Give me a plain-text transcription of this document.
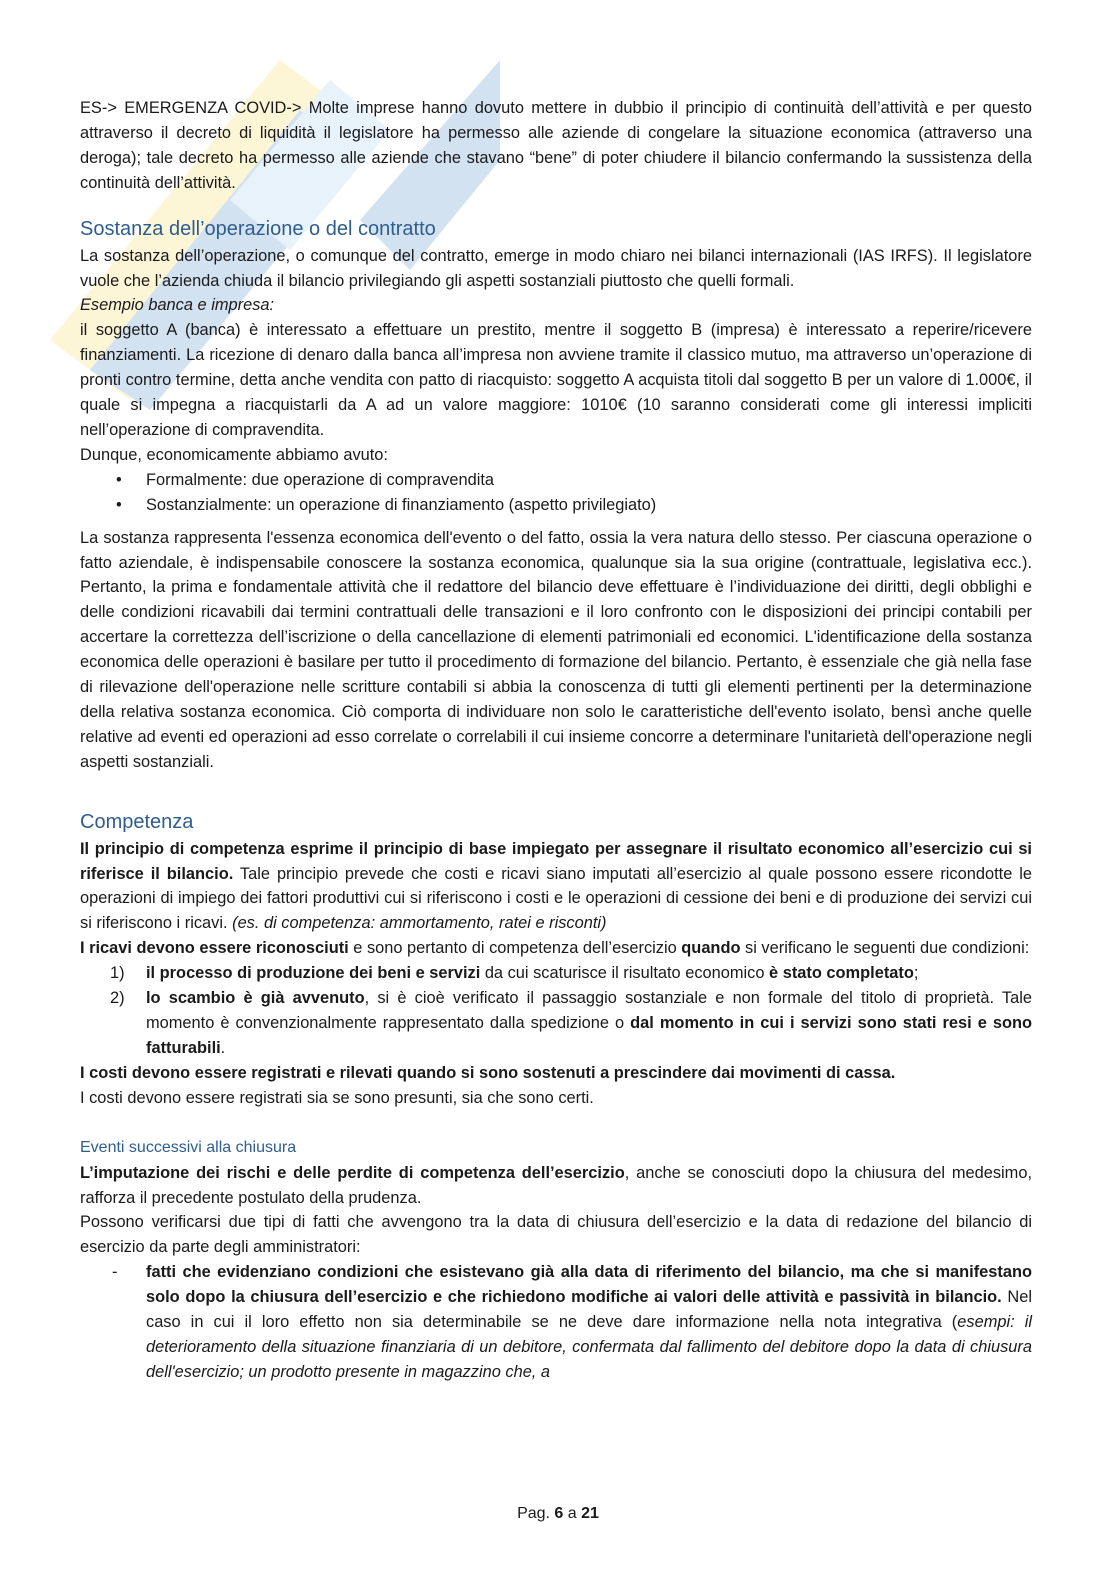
ES-> EMERGENZA COVID-> Molte imprese hanno dovuto mettere in dubbio il principio di continuità dell’attività e per questo attraverso il decreto di liquidità il legislatore ha permesso alle aziende di congelare la situazione economica (attraverso una deroga); tale decreto ha permesso alle aziende che stavano “bene” di poter chiudere il bilancio confermando la sussistenza della continuità dell’attività.

Sostanza dell’operazione o del contratto

La sostanza dell’operazione, o comunque del contratto, emerge in modo chiaro nei bilanci internazionali (IAS IRFS). Il legislatore vuole che l’azienda chiuda il bilancio privilegiando gli aspetti sostanziali piuttosto che quelli formali.

Esempio banca e impresa:

il soggetto A (banca) è interessato a effettuare un prestito, mentre il soggetto B (impresa) è interessato a reperire/ricevere finanziamenti. La ricezione di denaro dalla banca all’impresa non avviene tramite il classico mutuo, ma attraverso un’operazione di pronti contro termine, detta anche vendita con patto di riacquisto: soggetto A acquista titoli dal soggetto B per un valore di 1.000€, il quale si impegna a riacquistarli da A ad un valore maggiore: 1010€ (10 saranno considerati come gli interessi impliciti nell’operazione di compravendita.

Dunque, economicamente abbiamo avuto:

• Formalmente: due operazione di compravendita
• Sostanzialmente: un operazione di finanziamento (aspetto privilegiato)

La sostanza rappresenta l'essenza economica dell'evento o del fatto, ossia la vera natura dello stesso. Per ciascuna operazione o fatto aziendale, è indispensabile conoscere la sostanza economica, qualunque sia la sua origine (contrattuale, legislativa ecc.). Pertanto, la prima e fondamentale attività che il redattore del bilancio deve effettuare è l’individuazione dei diritti, degli obblighi e delle condizioni ricavabili dai termini contrattuali delle transazioni e il loro confronto con le disposizioni dei principi contabili per accertare la correttezza dell’iscrizione o della cancellazione di elementi patrimoniali ed economici. L'identificazione della sostanza economica delle operazioni è basilare per tutto il procedimento di formazione del bilancio. Pertanto, è essenziale che già nella fase di rilevazione dell'operazione nelle scritture contabili si abbia la conoscenza di tutti gli elementi pertinenti per la determinazione della relativa sostanza economica. Ciò comporta di individuare non solo le caratteristiche dell'evento isolato, bensì anche quelle relative ad eventi ed operazioni ad esso correlate o correlabili il cui insieme concorre a determinare l'unitarietà dell'operazione negli aspetti sostanziali.

Competenza

Il principio di competenza esprime il principio di base impiegato per assegnare il risultato economico all’esercizio cui si riferisce il bilancio. Tale principio prevede che costi e ricavi siano imputati all’esercizio al quale possono essere ricondotte le operazioni di impiego dei fattori produttivi cui si riferiscono i costi e le operazioni di cessione dei beni e di produzione dei servizi cui si riferiscono i ricavi. (es. di competenza: ammortamento, ratei e risconti)

I ricavi devono essere riconosciuti e sono pertanto di competenza dell’esercizio quando si verificano le seguenti due condizioni:

1) il processo di produzione dei beni e servizi da cui scaturisce il risultato economico è stato completato;
2) lo scambio è già avvenuto, si è cioè verificato il passaggio sostanziale e non formale del titolo di proprietà. Tale momento è convenzionalmente rappresentato dalla spedizione o dal momento in cui i servizi sono stati resi e sono fatturabili.

I costi devono essere registrati e rilevati quando si sono sostenuti a prescindere dai movimenti di cassa.

I costi devono essere registrati sia se sono presunti, sia che sono certi.

Eventi successivi alla chiusura

L’imputazione dei rischi e delle perdite di competenza dell’esercizio, anche se conosciuti dopo la chiusura del medesimo, rafforza il precedente postulato della prudenza.

Possono verificarsi due tipi di fatti che avvengono tra la data di chiusura dell’esercizio e la data di redazione del bilancio di esercizio da parte degli amministratori:

- fatti che evidenziano condizioni che esistevano già alla data di riferimento del bilancio, ma che si manifestano solo dopo la chiusura dell’esercizio e che richiedono modifiche ai valori delle attività e passività in bilancio. Nel caso in cui il loro effetto non sia determinabile se ne deve dare informazione nella nota integrativa (esempi: il deterioramento della situazione finanziaria di un debitore, confermata dal fallimento del debitore dopo la data di chiusura dell'esercizio; un prodotto presente in magazzino che, a
Pag. 6 a 21
